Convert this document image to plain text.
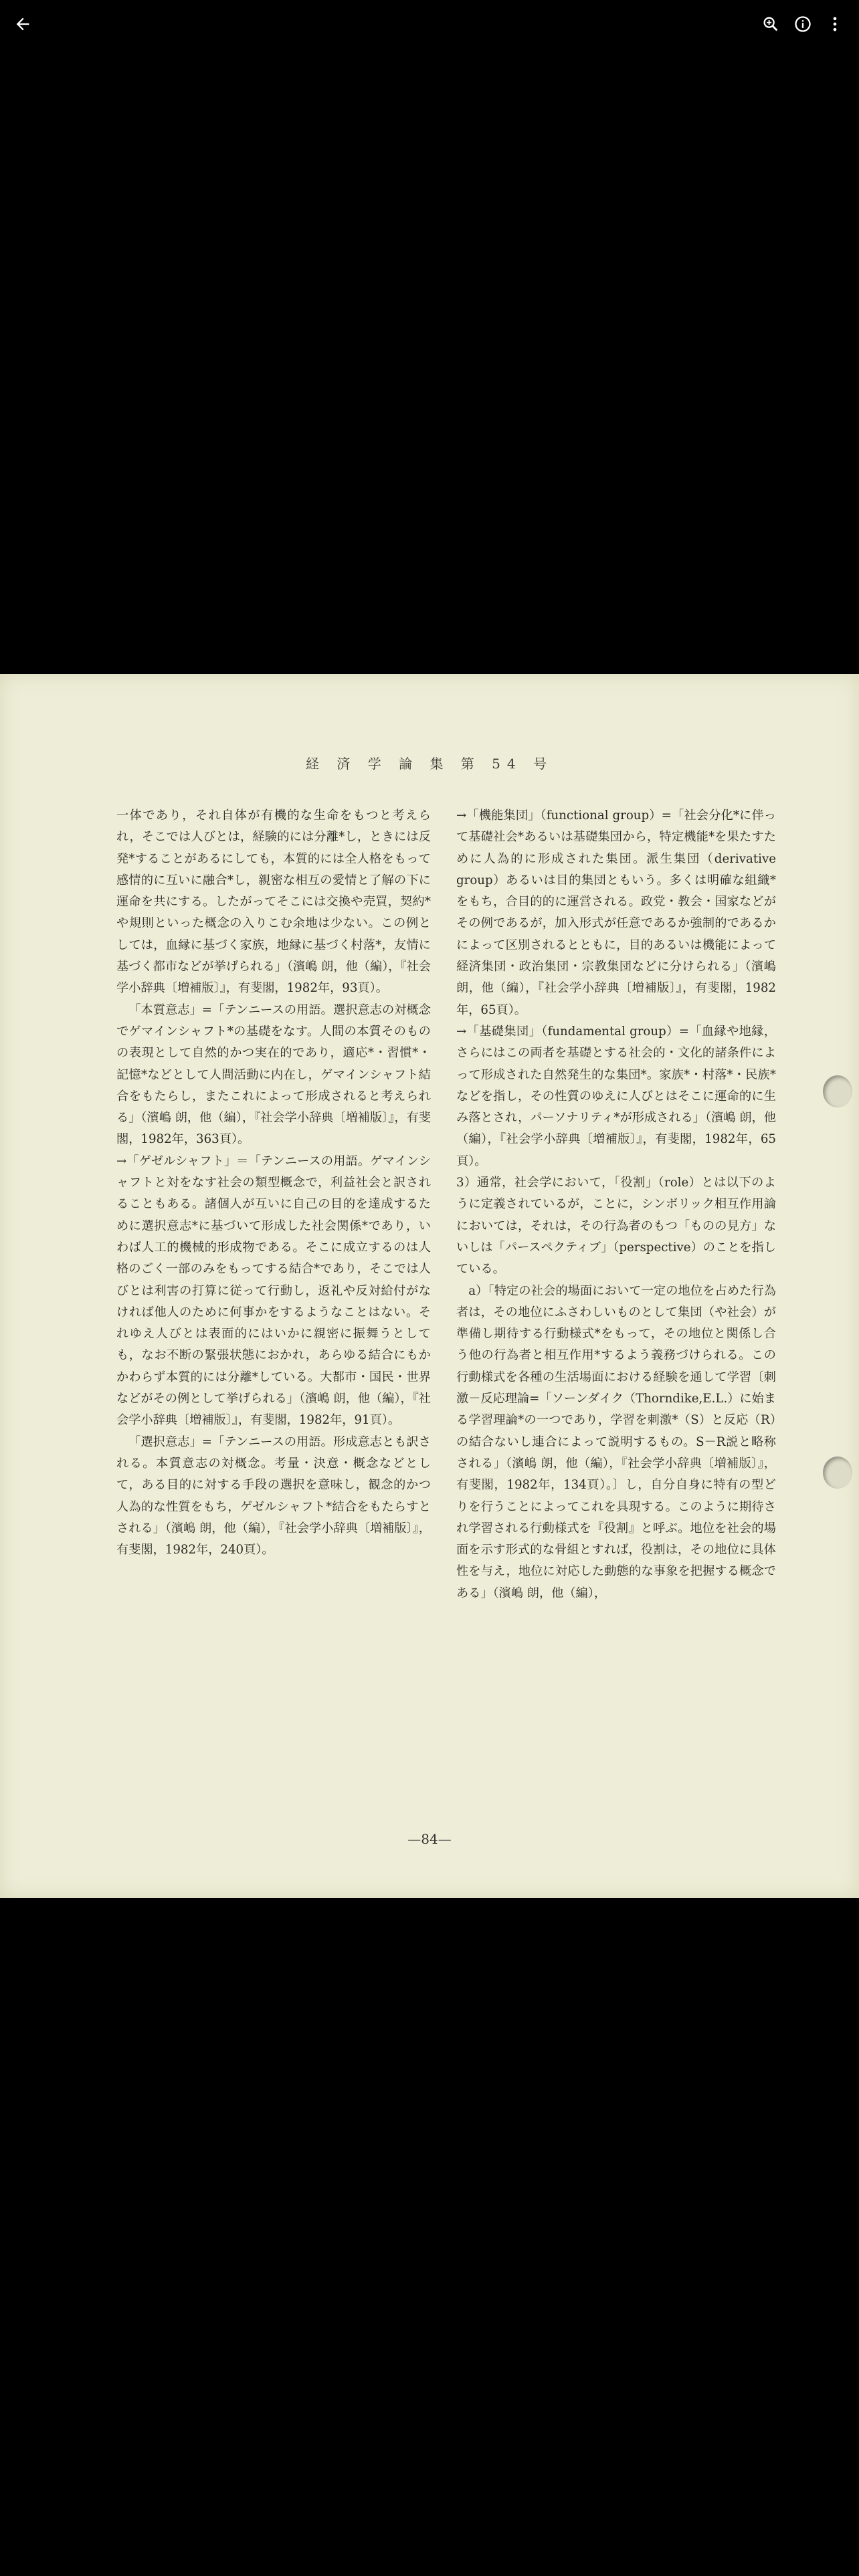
経 済 学 論 集 第 54 号

一体であり，それ自体が有機的な生命をもつと考えられ，そこでは人びとは，経験的には分離*し，ときには反発*することがあるにしても，本質的には全人格をもって感情的に互いに融合*し，親密な相互の愛情と了解の下に運命を共にする。したがってそこには交換や売買，契約*や規則といった概念の入りこむ余地は少ない。この例としては，血縁に基づく家族，地縁に基づく村落*，友情に基づく都市などが挙げられる」（濱嶋 朗，他（編），『社会学小辞典〔増補版〕』，有斐閣，1982年，93頁）。

「本質意志」=「テンニースの用語。選択意志の対概念でゲマインシャフト*の基礎をなす。人間の本質そのものの表現として自然的かつ実在的であり，適応*・習慣*・記憶*などとして人間活動に内在し，ゲマインシャフト結合をもたらし，またこれによって形成されると考えられる」（濱嶋 朗，他（編），『社会学小辞典〔増補版〕』，有斐閣，1982年，363頁）。

→「ゲゼルシャフト」＝「テンニースの用語。ゲマインシャフトと対をなす社会の類型概念で，利益社会と訳されることもある。諸個人が互いに自己の目的を達成するために選択意志*に基づいて形成した社会関係*であり，いわば人工的機械的形成物である。そこに成立するのは人格のごく一部のみをもってする結合*であり，そこでは人びとは利害の打算に従って行動し，返礼や反対給付がなければ他人のために何事かをするようなことはない。それゆえ人びとは表面的にはいかに親密に振舞うとしても，なお不断の緊張状態におかれ，あらゆる結合にもかかわらず本質的には分離*している。大都市・国民・世界などがその例として挙げられる」（濱嶋 朗，他（編），『社会学小辞典〔増補版〕』，有斐閣，1982年，91頁）。

「選択意志」=「テンニースの用語。形成意志とも訳される。本質意志の対概念。考量・決意・概念などとして，ある目的に対する手段の選択を意味し，観念的かつ人為的な性質をもち，ゲゼルシャフト*結合をもたらすとされる」（濱嶋 朗，他（編），『社会学小辞典〔増補版〕』，有斐閣，1982年，240頁）。

→「機能集団」（functional group）=「社会分化*に伴って基礎社会*あるいは基礎集団から，特定機能*を果たすために人為的に形成された集団。派生集団（derivative group）あるいは目的集団ともいう。多くは明確な組織*をもち，合目的的に運営される。政党・教会・国家などがその例であるが，加入形式が任意であるか強制的であるかによって区別されるとともに，目的あるいは機能によって経済集団・政治集団・宗教集団などに分けられる」（濱嶋 朗，他（編），『社会学小辞典〔増補版〕』，有斐閣，1982年，65頁）。

→「基礎集団」（fundamental group）=「血縁や地縁，さらにはこの両者を基礎とする社会的・文化的諸条件によって形成された自然発生的な集団*。家族*・村落*・民族*などを指し，その性質のゆえに人びとはそこに運命的に生み落とされ，パーソナリティ*が形成される」（濱嶋 朗，他（編），『社会学小辞典〔増補版〕』，有斐閣，1982年，65頁）。

3）通常，社会学において，「役割」（role）とは以下のように定義されているが，ことに，シンボリック相互作用論においては，それは，その行為者のもつ「ものの見方」ないしは「パースペクティブ」（perspective）のことを指している。

a）「特定の社会的場面において一定の地位を占めた行為者は，その地位にふさわしいものとして集団（や社会）が準備し期待する行動様式*をもって，その地位と関係し合う他の行為者と相互作用*するよう義務づけられる。この行動様式を各種の生活場面における経験を通して学習〔刺激－反応理論=「ソーンダイク（Thorndike,E.L.）に始まる学習理論*の一つであり，学習を刺激*（S）と反応（R）の結合ないし連合によって説明するもの。S－R説と略称される」（濱嶋 朗，他（編），『社会学小辞典〔増補版〕』，有斐閣，1982年，134頁）。〕し，自分自身に特有の型どりを行うことによってこれを具現する。このように期待され学習される行動様式を『役割』と呼ぶ。地位を社会的場面を示す形式的な骨組とすれば，役割は，その地位に具体性を与え，地位に対応した動態的な事象を把握する概念である」（濱嶋 朗，他（編），

—84—
